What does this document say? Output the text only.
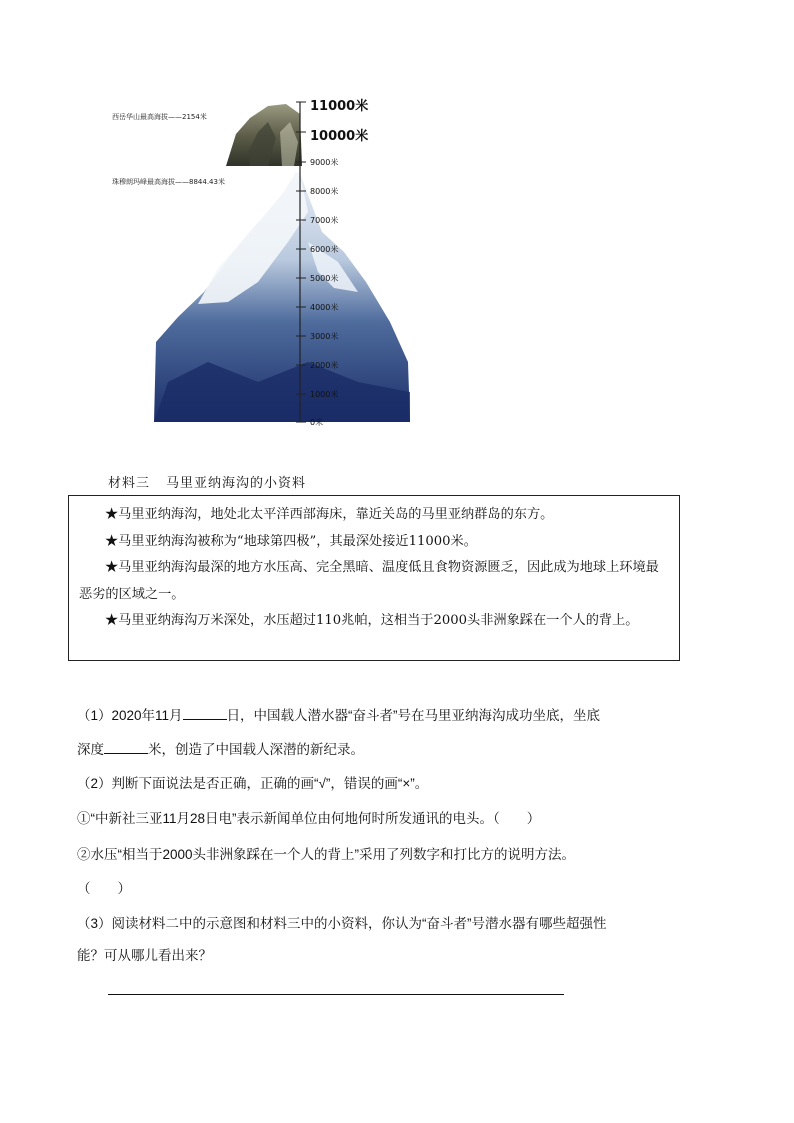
西岳华山最高海拔——2154米
珠穆朗玛峰最高海拔——8844.43米
11000米
10000米
9000米
8000米
7000米
6000米
5000米
4000米
3000米
2000米
1000米
0米
材料三 马里亚纳海沟的小资料

★马里亚纳海沟，地处北太平洋西部海床，靠近关岛的马里亚纳群岛的东方。

★马里亚纳海沟被称为“地球第四极”，其最深处接近11000米。

★马里亚纳海沟最深的地方水压高、完全黑暗、温度低且食物资源匮乏，因此成为地球上环境最恶劣的区域之一。

★马里亚纳海沟万米深处，水压超过110兆帕，这相当于2000头非洲象踩在一个人的背上。

（1）2020年11月	日，中国载人潜水器“奋斗者”号在马里亚纳海沟成功坐底，坐底
深度	米，创造了中国载人深潜的新纪录。
（2）判断下面说法是否正确，正确的画“√”，错误的画“×”。
①“中新社三亚11月28日电”表示新闻单位由何地何时所发通讯的电头。（　　）
②水压“相当于2000头非洲象踩在一个人的背上”采用了列数字和打比方的说明方法。
（　　）
（3）阅读材料二中的示意图和材料三中的小资料，你认为“奋斗者”号潜水器有哪些超强性
能？可从哪儿看出来？
